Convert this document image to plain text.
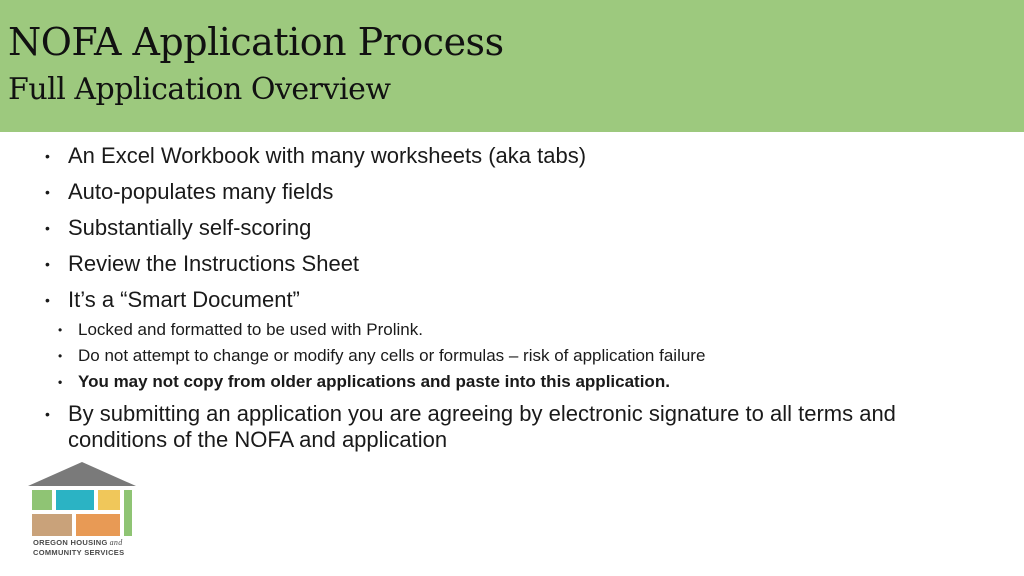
NOFA Application Process
Full Application Overview
• An Excel Workbook with many worksheets (aka tabs)
• Auto-populates many fields
• Substantially self-scoring
• Review the Instructions Sheet
• It’s a “Smart Document”
• Locked and formatted to be used with Prolink.
• Do not attempt to change or modify any cells or formulas – risk of application failure
• You may not copy from older applications and paste into this application.
• By submitting an application you are agreeing by electronic signature to all terms and conditions of the NOFA and application
OREGON HOUSING and
COMMUNITY SERVICES
